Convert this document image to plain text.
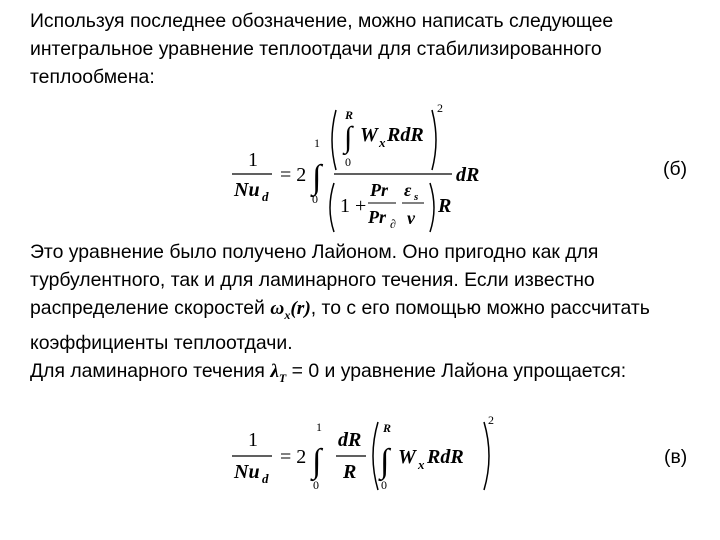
Используя последнее обозначение, можно написать следующее интегральное уравнение теплоотдачи для стабилизированного теплообмена:

1
Nu d
= 2 ∫
1
0
∫
R
0
W x RdR
2
1 +
Pr
Pr ∂
ε s
ν
R
dR	(б)

Это уравнение было получено Лайоном. Оно пригодно как для турбулентного, так и для ламинарного течения. Если известно распределение скоростей $\omega_x(r)$, то с его помощью можно рассчитать коэффициенты теплоотдачи.

Для ламинарного течения $\lambda_T = 0$ и уравнение Лайона упрощается:

1
Nu d
= 2 ∫
1
0
dR
R ∫
R
0
W x RdR
2
(в)
